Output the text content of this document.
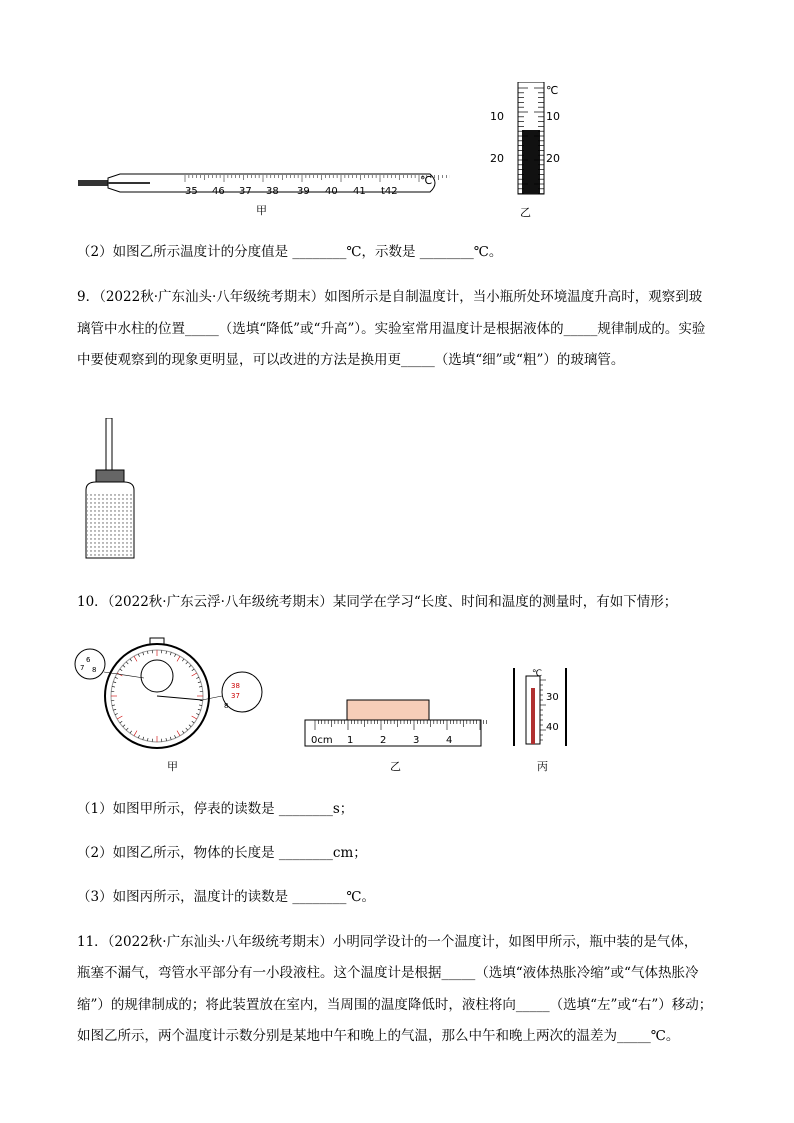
35 46 37 38 39 40 41 t42
℃
甲
10
20
10
20
℃
乙
（2）如图乙所示温度计的分度值是 ________℃，示数是 ________℃。
9．（2022秋·广东汕头·八年级统考期末）如图所示是自制温度计，当小瓶所处环境温度升高时，观察到玻
璃管中水柱的位置_____（选填“降低”或“升高”）。实验室常用温度计是根据液体的_____规律制成的。实验
中要使观察到的现象更明显，可以改进的方法是换用更_____（选填“细”或“粗”）的玻璃管。
10．（2022秋·广东云浮·八年级统考期末）某同学在学习“长度、时间和温度的测量时，有如下情形；
6
7 8
38
37
8
甲
0cm 1	2	3	4
乙
℃
30
40
丙
（1）如图甲所示，停表的读数是 ________s；
（2）如图乙所示，物体的长度是 ________cm；
（3）如图丙所示，温度计的读数是 ________℃。
11．（2022秋·广东汕头·八年级统考期末）小明同学设计的一个温度计，如图甲所示，瓶中装的是气体，
瓶塞不漏气，弯管水平部分有一小段液柱。这个温度计是根据_____（选填“液体热胀冷缩”或“气体热胀冷
缩”）的规律制成的；将此装置放在室内，当周围的温度降低时，液柱将向_____（选填“左”或“右”）移动；
如图乙所示，两个温度计示数分别是某地中午和晚上的气温，那么中午和晚上两次的温差为_____℃。
